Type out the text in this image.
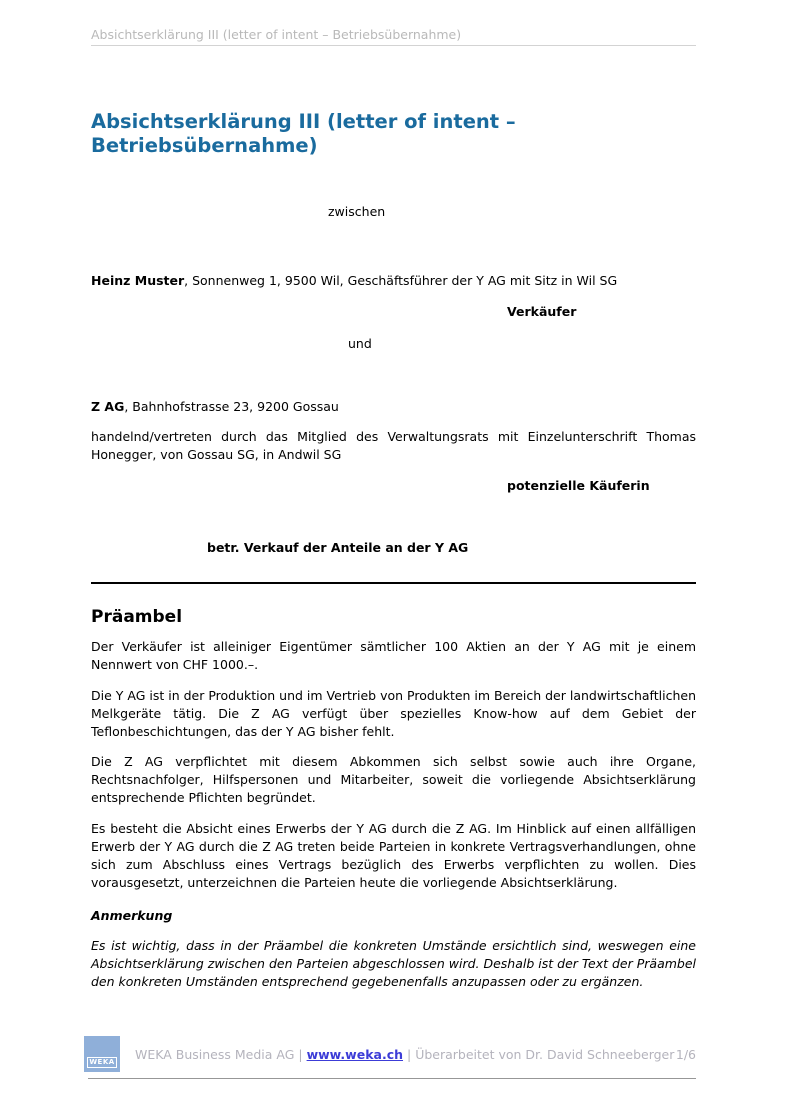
Absichtserklärung III (letter of intent – Betriebsübernahme)
Absichtserklärung III (letter of intent – Betriebsübernahme)
zwischen
Heinz Muster, Sonnenweg 1, 9500 Wil, Geschäftsführer der Y AG mit Sitz in Wil SG
Verkäufer
und
Z AG, Bahnhofstrasse 23, 9200 Gossau
handelnd/vertreten durch das Mitglied des Verwaltungsrats mit Einzelunterschrift Thomas Honegger, von Gossau SG, in Andwil SG
potenzielle Käuferin
betr. Verkauf der Anteile an der Y AG
Präambel

Der Verkäufer ist alleiniger Eigentümer sämtlicher 100 Aktien an der Y AG mit je einem Nennwert von CHF 1000.–.

Die Y AG ist in der Produktion und im Vertrieb von Produkten im Bereich der landwirtschaftlichen Melkgeräte tätig. Die Z AG verfügt über spezielles Know-how auf dem Gebiet der Teflonbeschichtungen, das der Y AG bisher fehlt.

Die Z AG verpflichtet mit diesem Abkommen sich selbst sowie auch ihre Organe, Rechtsnachfolger, Hilfspersonen und Mitarbeiter, soweit die vorliegende Absichtserklärung entsprechende Pflichten begründet.

Es besteht die Absicht eines Erwerbs der Y AG durch die Z AG. Im Hinblick auf einen allfälligen Erwerb der Y AG durch die Z AG treten beide Parteien in konkrete Vertragsverhandlungen, ohne sich zum Abschluss eines Vertrags bezüglich des Erwerbs verpflichten zu wollen. Dies vorausgesetzt, unterzeichnen die Parteien heute die vorliegende Absichtserklärung.

Anmerkung

Es ist wichtig, dass in der Präambel die konkreten Umstände ersichtlich sind, weswegen eine Absichtserklärung zwischen den Parteien abgeschlossen wird. Deshalb ist der Text der Präambel den konkreten Umständen entsprechend gegebenenfalls anzupassen oder zu ergänzen.

WEKA WEKA Business Media AG | www.weka.ch | Überarbeitet von Dr. David Schneeberger 1/6
